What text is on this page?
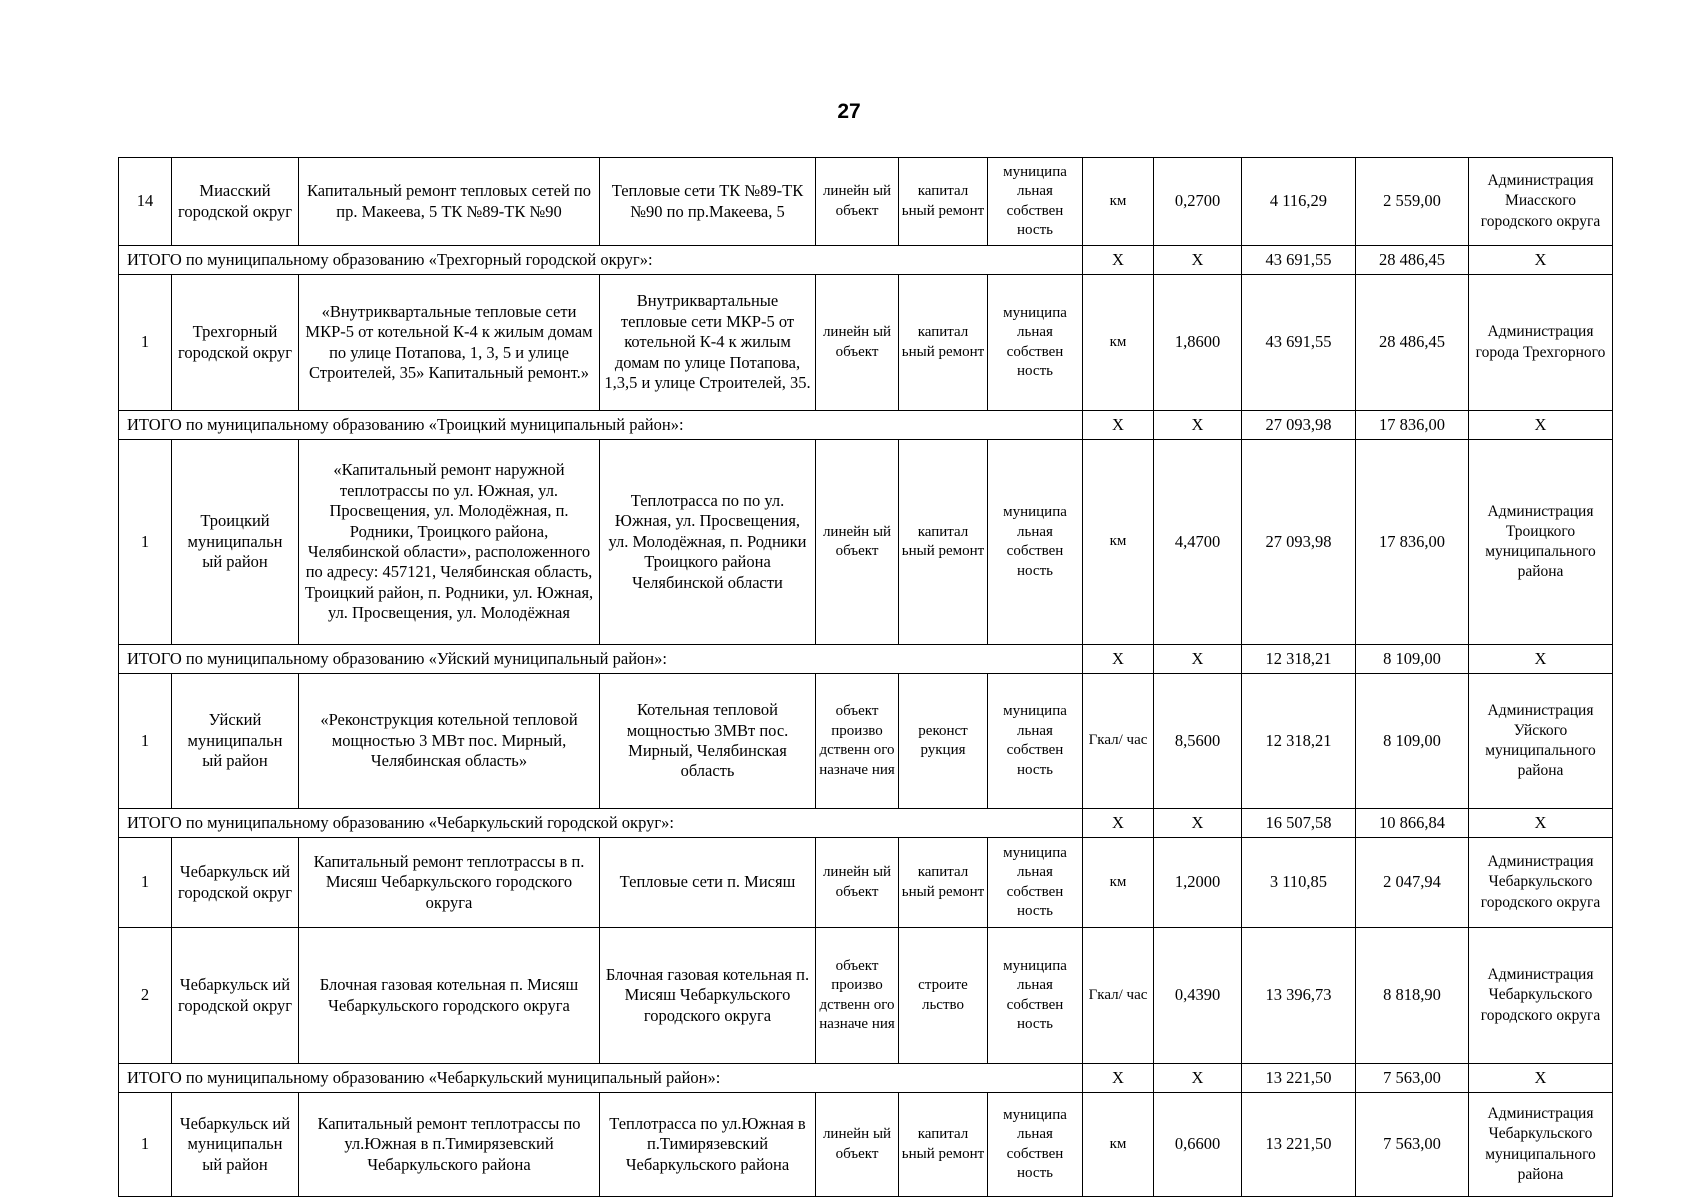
27
14	Миасский городской округ	Капитальный ремонт тепловых сетей по пр. Макеева, 5 ТК №89-ТК №90	Тепловые сети ТК №89-ТК №90 по пр.Макеева, 5	линейн ый объект	капитал ьный ремонт	муниципа льная собствен ность	км	0,2700	4 116,29	2 559,00	Администрация Миасского городского округа
ИТОГО по муниципальному образованию «Трехгорный городской округ»:							X	X	43 691,55	28 486,45	X
1	Трехгорный городской округ	«Внутриквартальные тепловые сети МКР-5 от котельной К-4 к жилым домам по улице Потапова, 1, 3, 5 и улице Строителей, 35» Капитальный ремонт.»	Внутриквартальные тепловые сети МКР-5 от котельной К-4 к жилым домам по улице Потапова, 1,3,5 и улице Строителей, 35.	линейн ый объект	капитал ьный ремонт	муниципа льная собствен ность	км	1,8600	43 691,55	28 486,45	Администрация города Трехгорного
ИТОГО по муниципальному образованию «Троицкий муниципальный район»:							X	X	27 093,98	17 836,00	X
1	Троицкий муниципальн ый район	«Капитальный ремонт наружной теплотрассы по ул. Южная, ул. Просвещения, ул. Молодёжная, п. Родники, Троицкого района, Челябинской области», расположенного по адресу: 457121, Челябинская область, Троицкий район, п. Родники, ул. Южная, ул. Просвещения, ул. Молодёжная	Теплотрасса по по ул. Южная, ул. Просвещения, ул. Молодёжная, п. Родники Троицкого района Челябинской области	линейн ый объект	капитал ьный ремонт	муниципа льная собствен ность	км	4,4700	27 093,98	17 836,00	Администрация Троицкого муниципального района
ИТОГО по муниципальному образованию «Уйский муниципальный район»:							X	X	12 318,21	8 109,00	X
1	Уйский муниципальн ый район	«Реконструкция котельной тепловой мощностью 3 МВт пос. Мирный, Челябинская область»	Котельная тепловой мощностью 3МВт пос. Мирный, Челябинская область	объект произво дственн ого назначе ния	реконст рукция	муниципа льная собствен ность	Гкал/ час	8,5600	12 318,21	8 109,00	Администрация Уйского муниципального района
ИТОГО по муниципальному образованию «Чебаркульский городской округ»:							X	X	16 507,58	10 866,84	X
1	Чебаркульск ий городской округ	Капитальный ремонт теплотрассы в п. Мисяш Чебаркульского городского округа	Тепловые сети п. Мисяш	линейн ый объект	капитал ьный ремонт	муниципа льная собствен ность	км	1,2000	3 110,85	2 047,94	Администрация Чебаркульского городского округа
2	Чебаркульск ий городской округ	Блочная газовая котельная п. Мисяш Чебаркульского городского округа	Блочная газовая котельная п. Мисяш Чебаркульского городского округа	объект произво дственн ого назначе ния	строите льство	муниципа льная собствен ность	Гкал/ час	0,4390	13 396,73	8 818,90	Администрация Чебаркульского городского округа
ИТОГО по муниципальному образованию «Чебаркульский муниципальный район»:							X	X	13 221,50	7 563,00	X
1	Чебаркульск ий муниципальн ый район	Капитальный ремонт теплотрассы по ул.Южная в п.Тимирязевский Чебаркульского района	Теплотрасса по ул.Южная в п.Тимирязевский Чебаркульского района	линейн ый объект	капитал ьный ремонт	муниципа льная собствен ность	км	0,6600	13 221,50	7 563,00	Администрация Чебаркульского муниципального района
